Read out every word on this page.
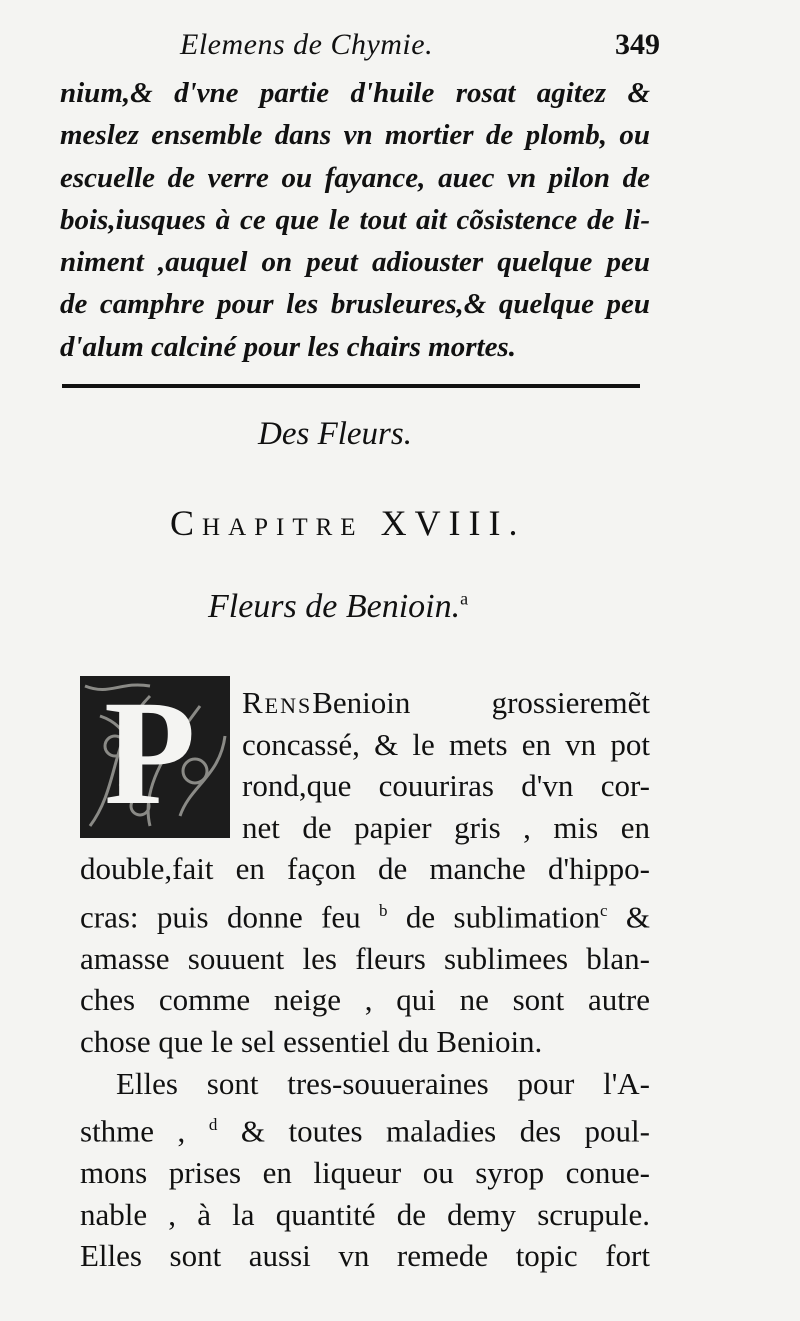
Elemens de Chymie.	349
nium,& d'vne partie d'huile rosat agitez &
meslez ensemble dans vn mortier de plomb, ou
escuelle de verre ou fayance, auec vn pilon de
bois,iusques à ce que le tout ait cõsistence de li-
niment ,auquel on peut adiouster quelque peu
de camphre pour les brusleures,& quelque peu
d'alum calciné pour les chairs mortes.
Des Fleurs.
Chapitre XVIII.
Fleurs de Benioin.$^a$
P	RensBenioin grossieremẽt
concassé, & le mets en vn pot
rond,que couuriras d'vn cor-
net de papier gris , mis en
double,fait en façon de manche d'hippo-
cras: puis donne feu $^b$ de sublimation$^c$ &
amasse souuent les fleurs sublimees blan-
ches comme neige , qui ne sont autre
chose que le sel essentiel du Benioin.
Elles sont tres-souueraines pour l'A-
sthme , $^d$ & toutes maladies des poul-
mons prises en liqueur ou syrop conue-
nable , à la quantité de demy scrupule.
Elles sont aussi vn remede topic fort
